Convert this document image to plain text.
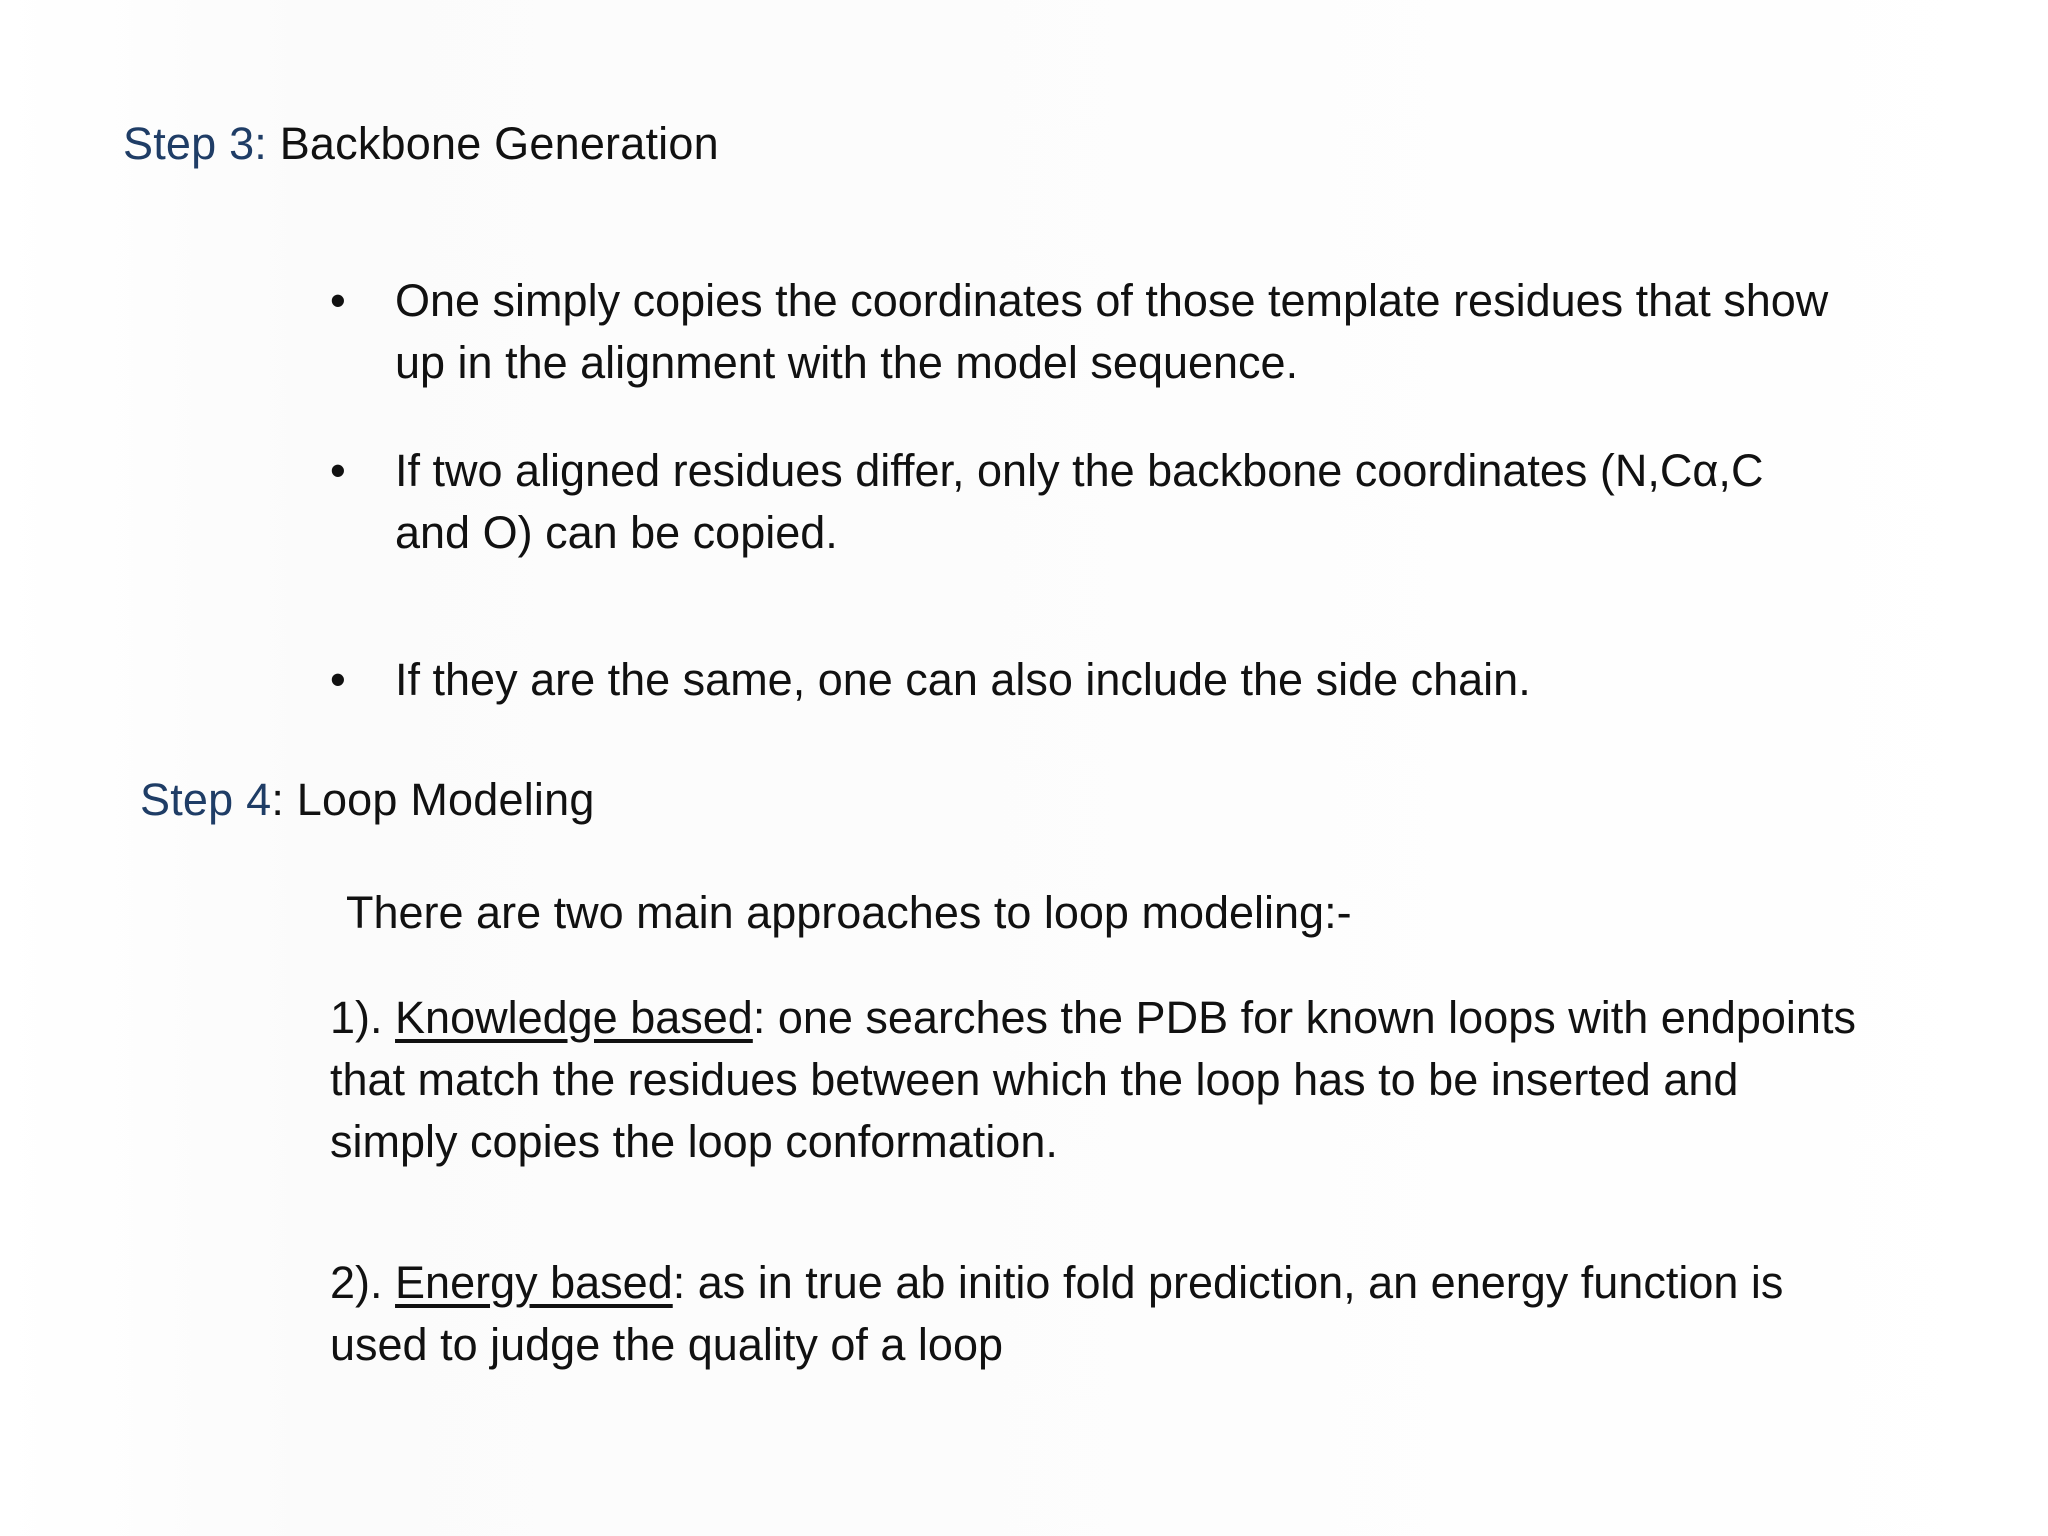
Step 3: Backbone Generation
•	One simply copies the coordinates of those template residues that show up in the alignment with the model sequence.
•	If two aligned residues differ, only the backbone coordinates (N,Cα,C and O) can be copied.
•	If they are the same, one can also include the side chain.
Step 4: Loop Modeling
There are two main approaches to loop modeling:-
1). Knowledge based: one searches the PDB for known loops with endpoints that match the residues between which the loop has to be inserted and simply copies the loop conformation.
2). Energy based: as in true ab initio fold prediction, an energy function is used to judge the quality of a loop
